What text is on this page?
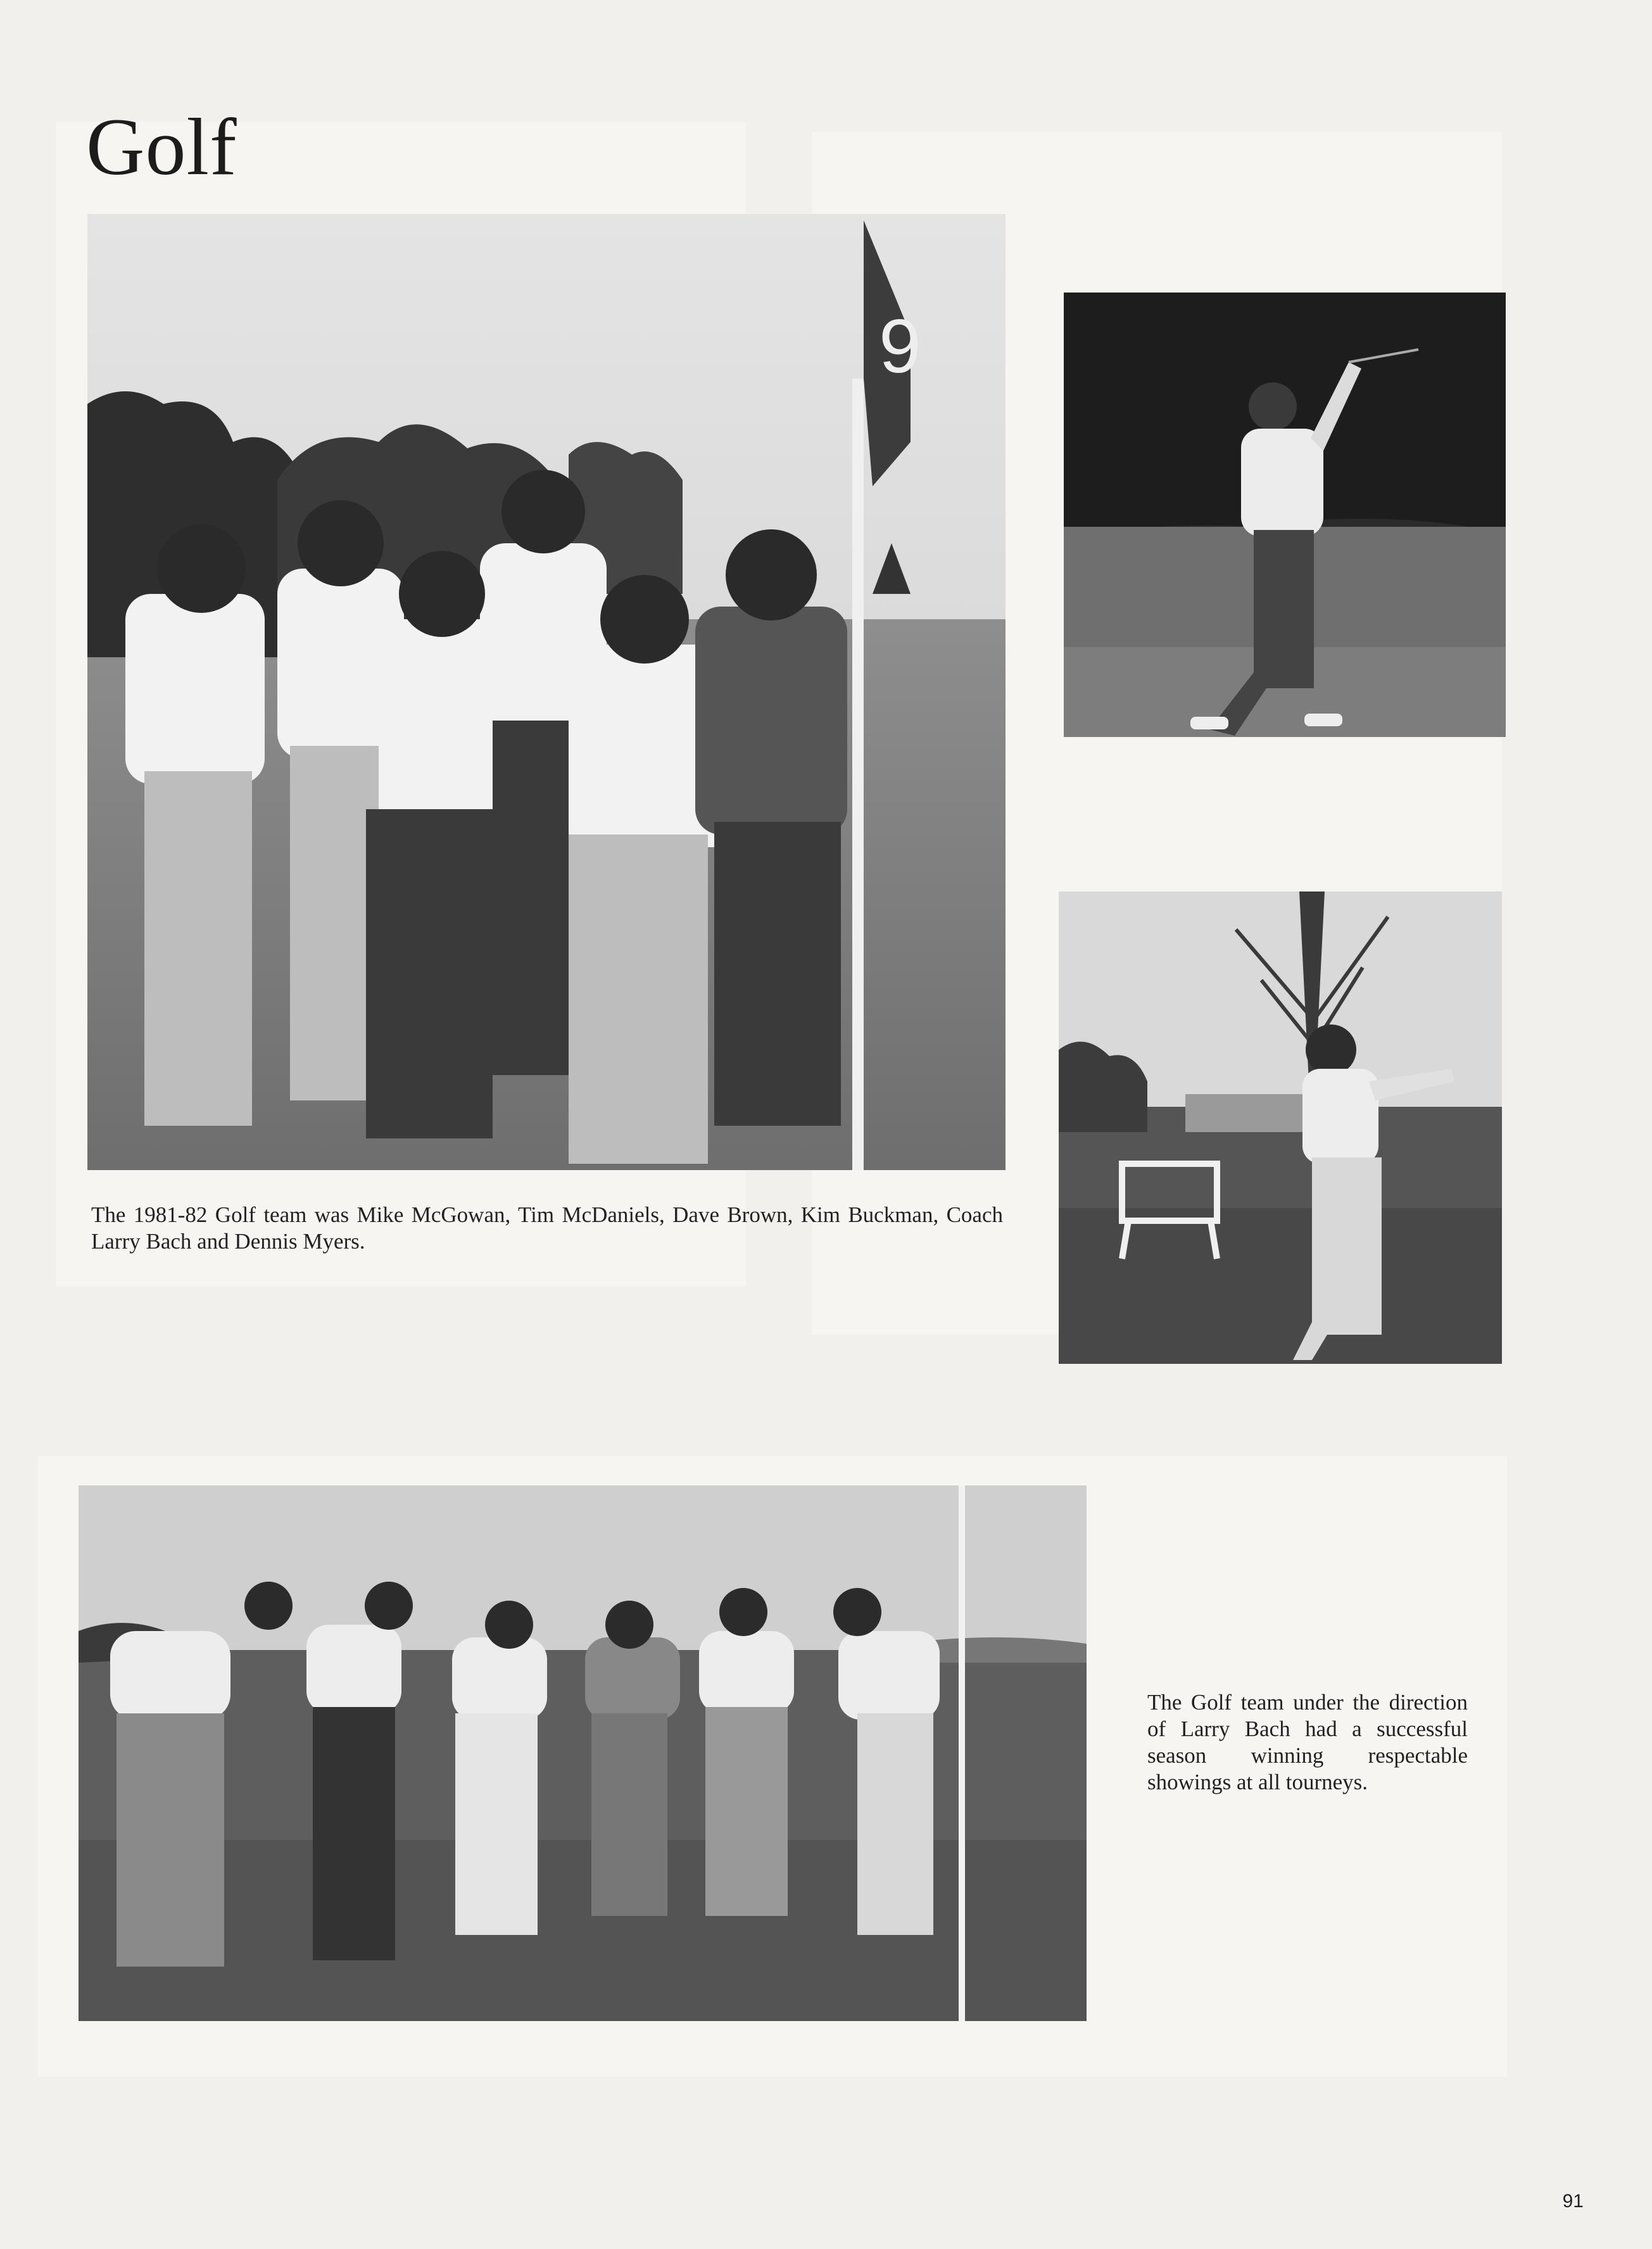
Golf
9

The 1981-82 Golf team was Mike McGowan, Tim McDaniels, Dave Brown, Kim Buckman, Coach Larry Bach and Dennis Myers.

The Golf team under the direction of Larry Bach had a successful season winning respectable showings at all tourneys.

91
